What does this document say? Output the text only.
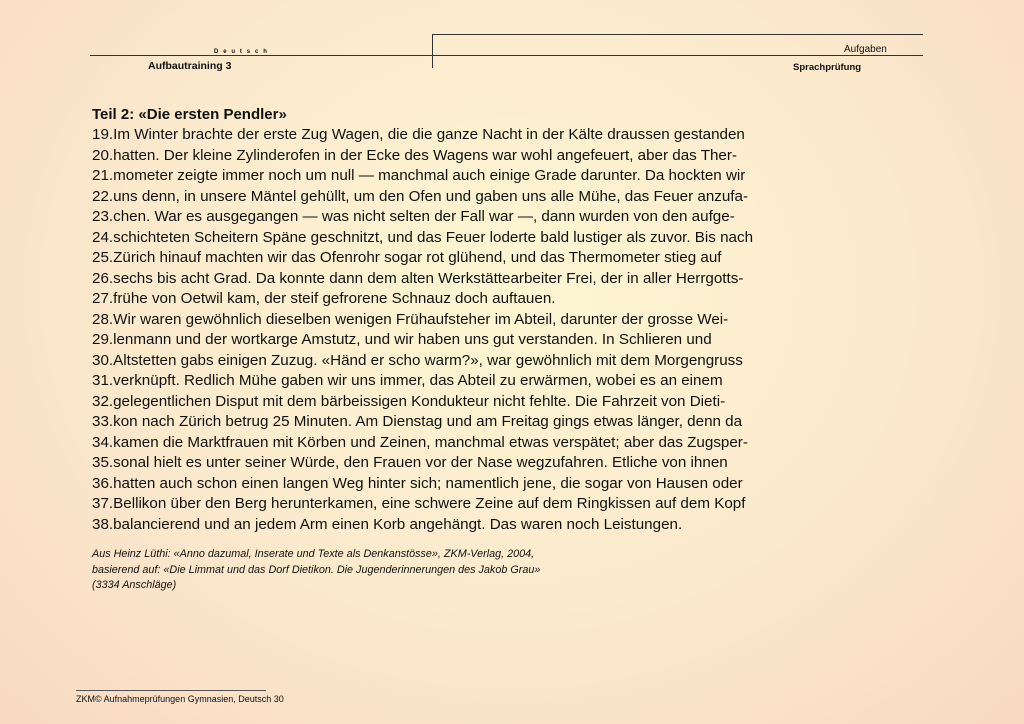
D e u t s c h
Aufbautraining 3
Aufgaben
Sprachprüfung
Teil 2: «Die ersten Pendler»
19.Im Winter brachte der erste Zug Wagen, die die ganze Nacht in der Kälte draussen gestanden
20.hatten. Der kleine Zylinderofen in der Ecke des Wagens war wohl angefeuert, aber das Ther-
21.mometer zeigte immer noch um null — manchmal auch einige Grade darunter. Da hockten wir
22.uns denn, in unsere Mäntel gehüllt, um den Ofen und gaben uns alle Mühe, das Feuer anzufa-
23.chen. War es ausgegangen — was nicht selten der Fall war —, dann wurden von den aufge-
24.schichteten Scheitern Späne geschnitzt, und das Feuer loderte bald lustiger als zuvor. Bis nach
25.Zürich hinauf machten wir das Ofenrohr sogar rot glühend, und das Thermometer stieg auf
26.sechs bis acht Grad. Da konnte dann dem alten Werkstättearbeiter Frei, der in aller Herrgotts-
27.frühe von Oetwil kam, der steif gefrorene Schnauz doch auftauen.
28.Wir waren gewöhnlich dieselben wenigen Frühaufsteher im Abteil, darunter der grosse Wei-
29.lenmann und der wortkarge Amstutz, und wir haben uns gut verstanden. In Schlieren und
30.Altstetten gabs einigen Zuzug. «Händ er scho warm?», war gewöhnlich mit dem Morgengruss
31.verknüpft. Redlich Mühe gaben wir uns immer, das Abteil zu erwärmen, wobei es an einem
32.gelegentlichen Disput mit dem bärbeissigen Kondukteur nicht fehlte. Die Fahrzeit von Dieti-
33.kon nach Zürich betrug 25 Minuten. Am Dienstag und am Freitag gings etwas länger, denn da
34.kamen die Marktfrauen mit Körben und Zeinen, manchmal etwas verspätet; aber das Zugsper-
35.sonal hielt es unter seiner Würde, den Frauen vor der Nase wegzufahren. Etliche von ihnen
36.hatten auch schon einen langen Weg hinter sich; namentlich jene, die sogar von Hausen oder
37.Bellikon über den Berg herunterkamen, eine schwere Zeine auf dem Ringkissen auf dem Kopf
38.balancierend und an jedem Arm einen Korb angehängt. Das waren noch Leistungen.
Aus Heinz Lüthi: «Anno dazumal, Inserate und Texte als Denkanstösse», ZKM-Verlag, 2004,
basierend auf: «Die Limmat und das Dorf Dietikon. Die Jugenderinnerungen des Jakob Grau»
(3334 Anschläge)
ZKM© Aufnahmeprüfungen Gymnasien, Deutsch 30
